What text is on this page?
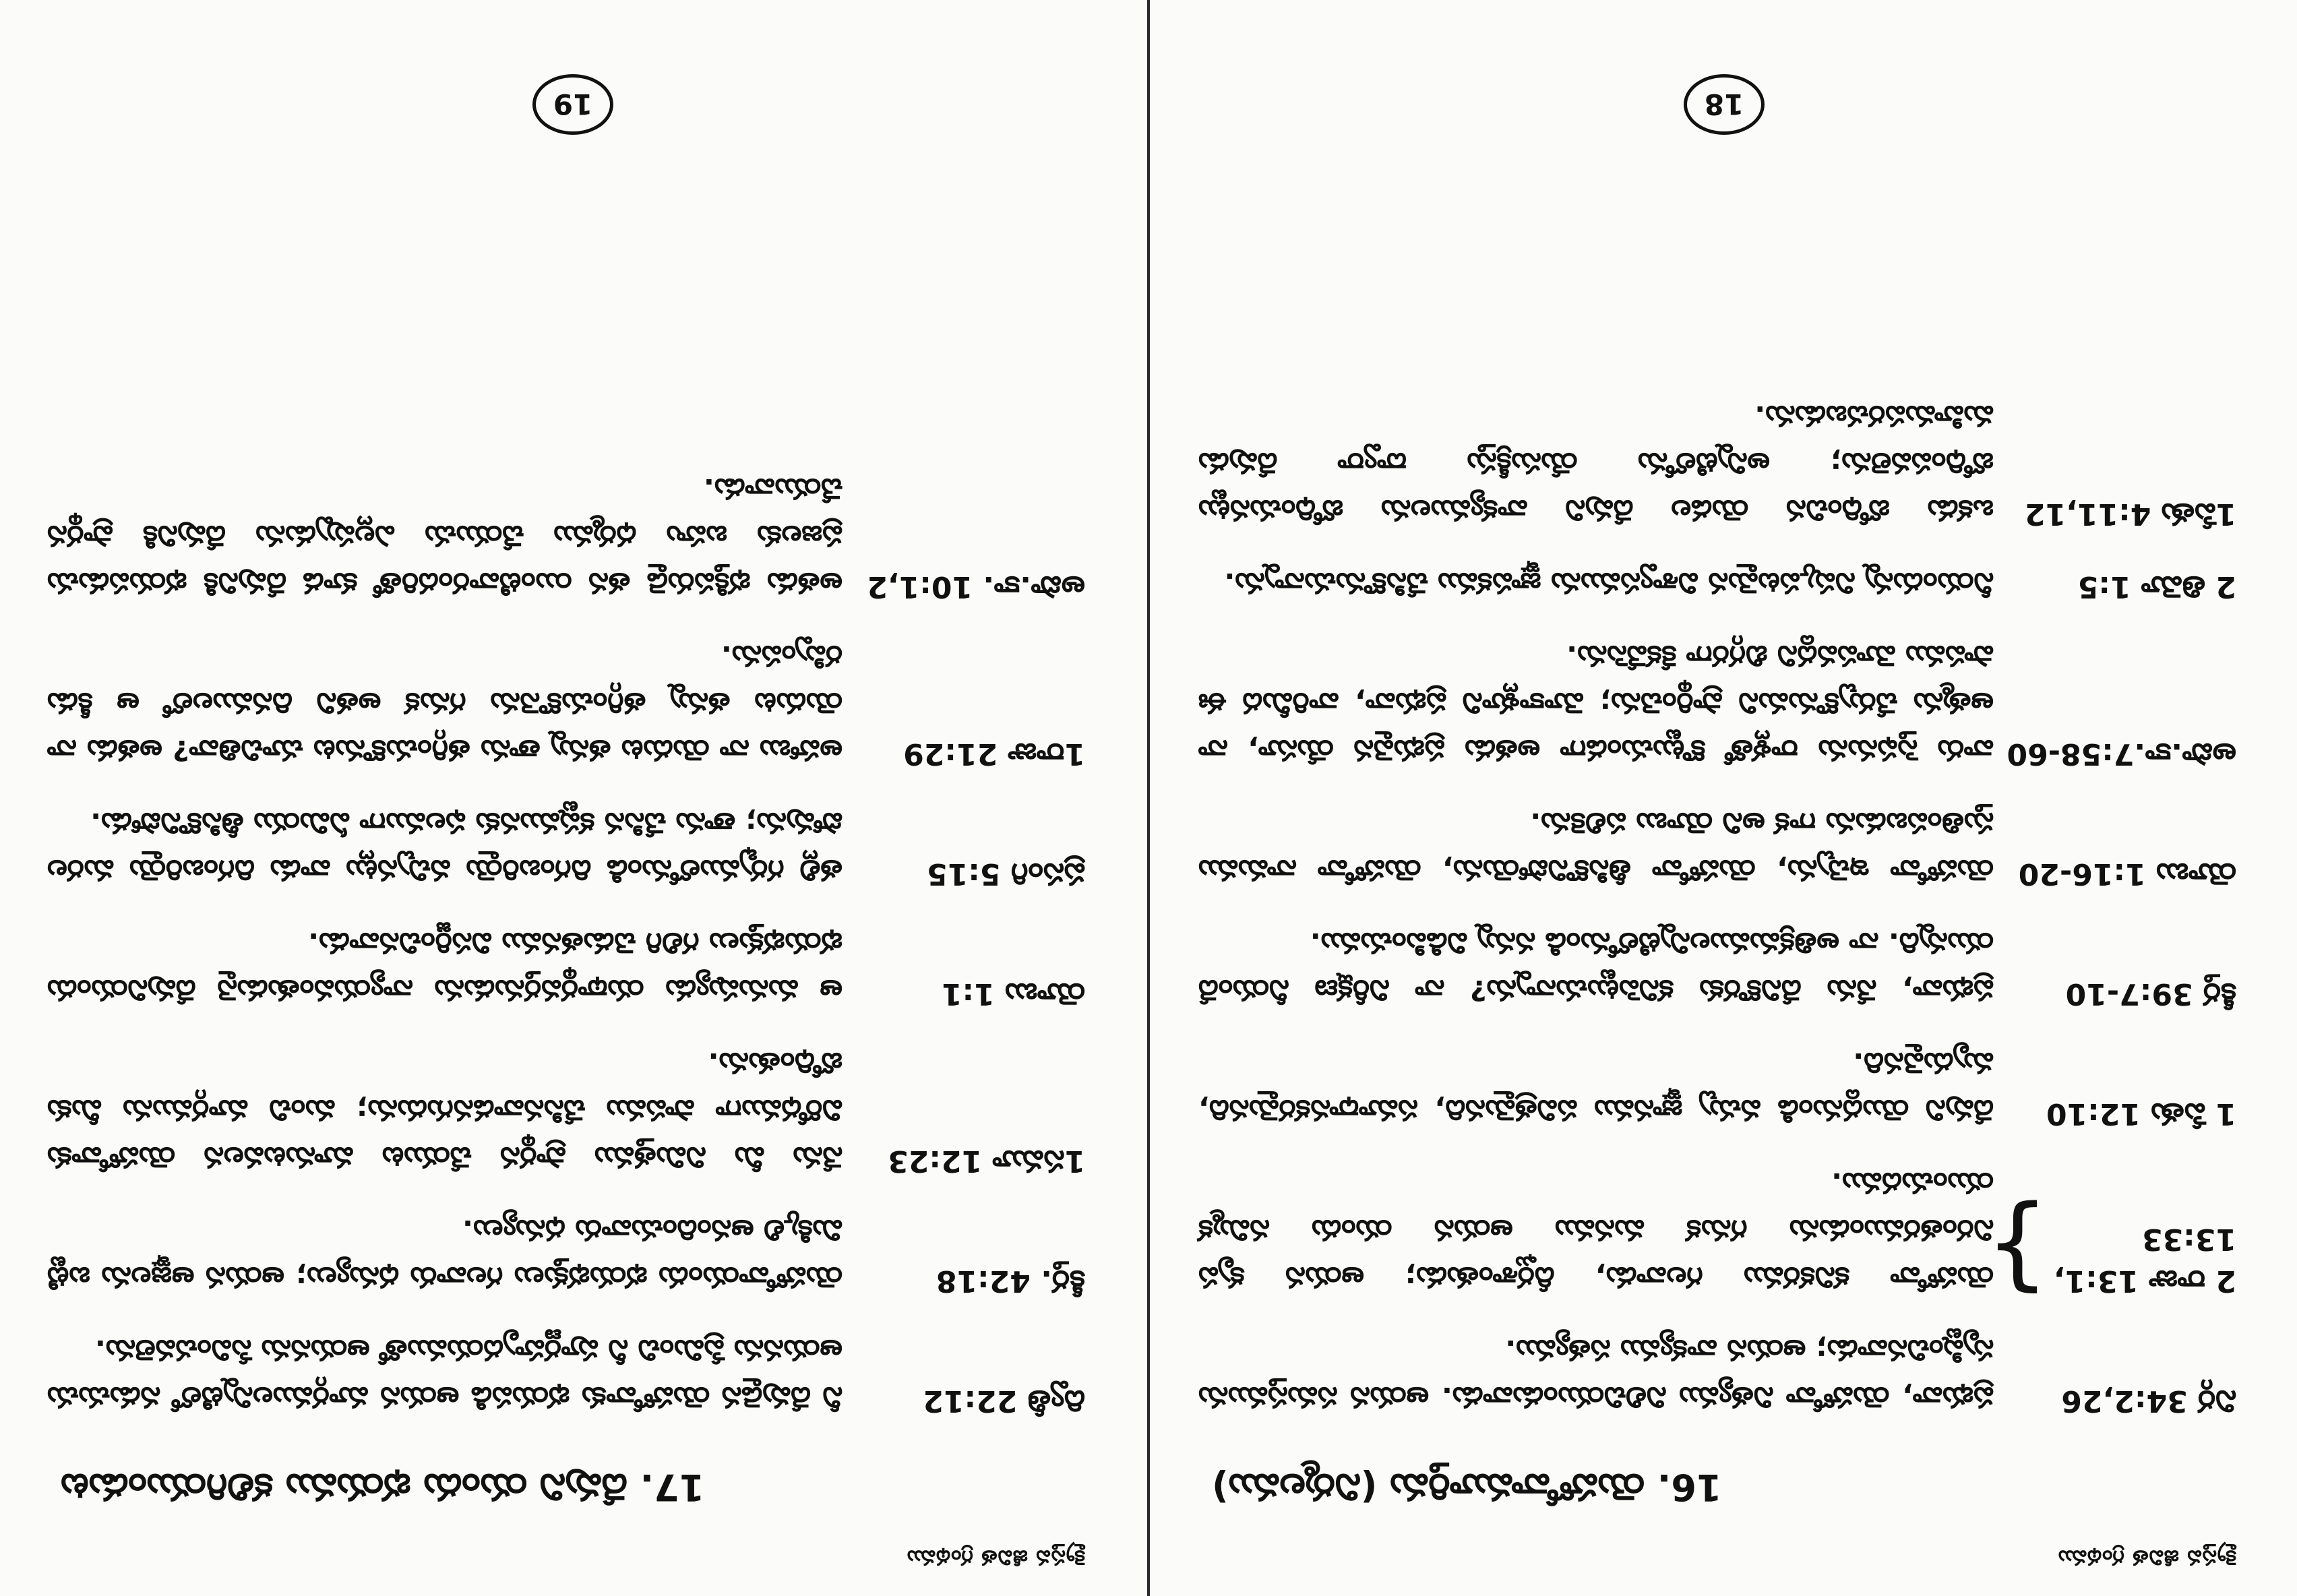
క్రైస్తవ జీవిత గ్రంథము
16. యెహోవామూర్తిమ (నిర్మలము)
నిర్గ 34:2,26
ప్రభువా, యెహోవా నిత్యము నిలిచియుండువాడు. ఆయన సమస్తమును సృష్టించినవాడు; ఆయన వాక్యము సత్యము.
2 రాజు 13:1,
13:33
}
యెహోవా కనికరము గలవాడు, దీర్ఘశాంతుడు; ఆయన కృప నిరంతరముండును గనుక మనము ఆయన యందు నమ్మిక యుంచుదము.
1 పేతు 12:10
దేవుని యొద్దనుండి వచ్చు జ్ఞానము పవిత్రమైనది, సమాధానకరమైనది, మృదువైనది.
కీర్త 39:7-10
ప్రభువా, నేను దేనికొరకు కనిపెట్టుచున్నాను? నా నిరీక్షణ నీయందే యున్నది. నా అతిక్రమములన్నిటిలోనుండి నన్ను విడిపించుము.
యోబు 1:16-20
యెహోవా ఇచ్చెను, యెహోవా తీసికొనిపోయెను, యెహోవా నామము స్తుతింపబడును గాక అని యోబు పలికెను.
అపొ.కా.7:58-60
వారు స్తెఫనును రాళ్లతో కొట్టుచుండగా అతడు ప్రభువైన యేసూ, నా ఆత్మను చేర్చుకొనుమని ప్రార్థించెను; మోకాళ్లూని ప్రభువా, వారిమీద ఈ పాపము మోపవద్దని బిగ్గరగా కేకవేసెను.
2 తిమో 1:5
నీయందున్న నిష్కపటమైన విశ్వాసమును జ్ఞాపకము చేసికొనుచున్నాను.
1పేతు 4:11,12
ఒకడు బోధించిన యెడల దేవుని వాక్యములను బోధించునట్టు బోధింపవలెను; అన్నిటిలోను యేసుక్రీస్తు ద్వారా దేవుడు మహిమపరచబడును.
18
క్రైస్తవ జీవిత గ్రంథము
17. దేవుని యందు భయము కలిగియుండుట
ద్వితీ 22:12
నీ దేవుడైన యెహోవాకు భయపడి ఆయన మార్గములన్నిటిలో నడుచుచు ఆయనను ప్రేమించి నీ పూర్ణహృదయముతో ఆయనను సేవించవలెను.
కీర్త. 42:18
యెహోవాయందు భయభక్తులు గలవారు ధన్యులు; ఆయన ఆజ్ఞలను బట్టి మిక్కిలి ఆనందించువారు ధన్యులు.
1సమూ 12:23
నేను మీ నిమిత్తము ప్రార్థన చేయుట మానుటవలన యెహోవాకు విరోధముగా పాపము చేసినవాడనగుదును; మంచి మార్గమును మీకు బోధింతును.
యోబు 1:1
ఆ మనుష్యుడు యథార్థవర్తనుడును న్యాయవంతుడునై దేవునియందు భయభక్తులు గలిగి చెడుతనము విసర్జించినవాడు.
ప్రసంగి 5:15
తల్లి గర్భములోనుండి దిగంబరియై వచ్చినట్లు వాడు దిగంబరియై మరల పోవును; తాను చేసిన కష్టమునకు ఫలముగా ఏమియు తీసికొనిపోడు.
1రాజు 21:29
అహాబు నా యెదుట తన్ను తాను తగ్గించుకొనుట చూచితివా? అతడు నా యెదుట తన్ను తగ్గించుకొనెను గనుక అతని దినములలో ఆ కీడు రప్పింపను.
అపొ.కా. 10:1,2
అతడు భక్తిపరుడై తన యింటివారందరితో కూడ దేవునికి భయపడుచు ప్రజలకు బహు ధర్మము చేయుచు ఎల్లప్పుడును దేవునికి ప్రార్థన చేయువాడు.
19
